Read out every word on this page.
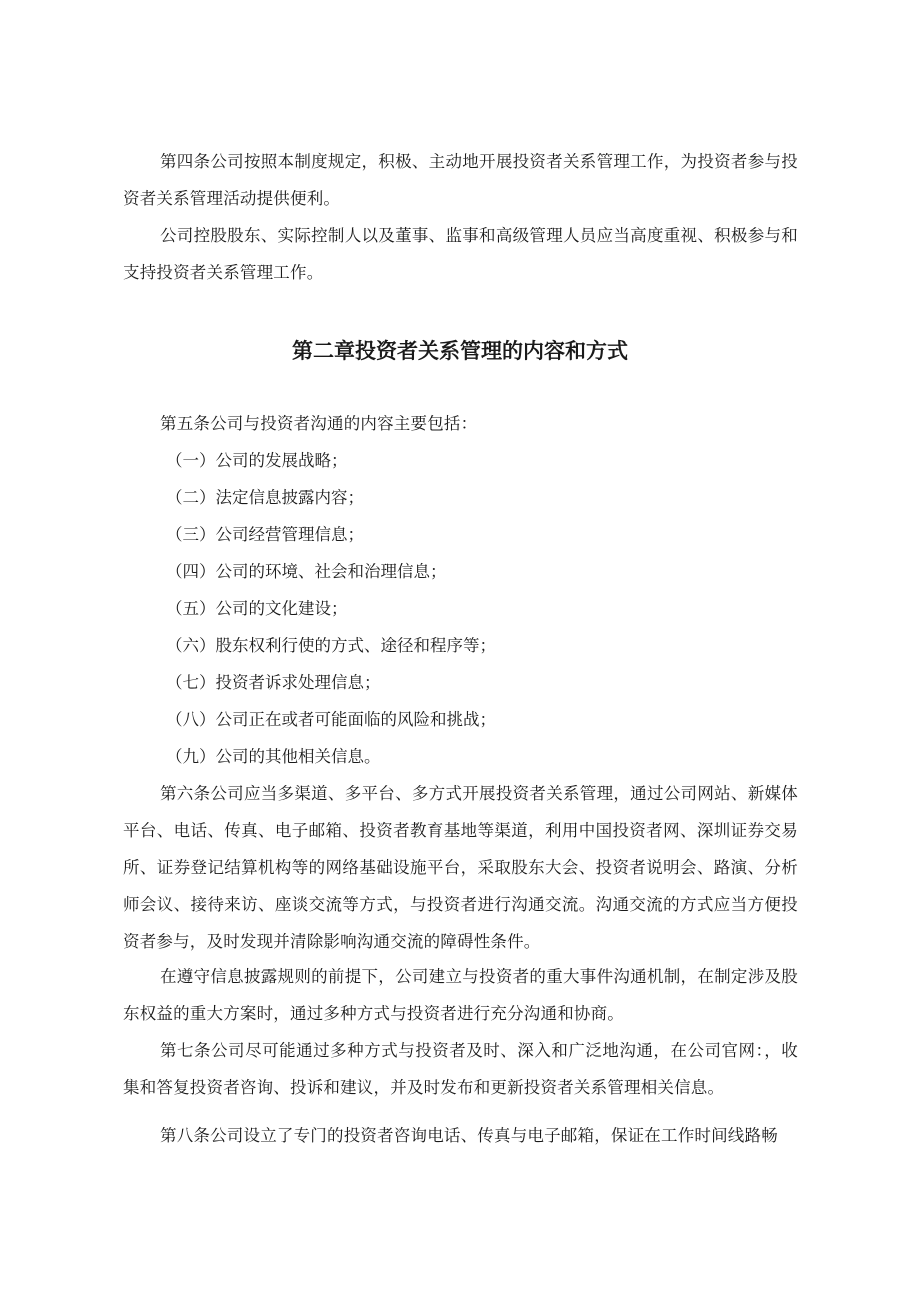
第四条公司按照本制度规定，积极、主动地开展投资者关系管理工作，为投资者参与投资者关系管理活动提供便利。

公司控股股东、实际控制人以及董事、监事和高级管理人员应当高度重视、积极参与和支持投资者关系管理工作。

第二章投资者关系管理的内容和方式

第五条公司与投资者沟通的内容主要包括：

（一）公司的发展战略；

（二）法定信息披露内容；

（三）公司经营管理信息；

（四）公司的环境、社会和治理信息；

（五）公司的文化建设；

（六）股东权利行使的方式、途径和程序等；

（七）投资者诉求处理信息；

（八）公司正在或者可能面临的风险和挑战；

（九）公司的其他相关信息。

第六条公司应当多渠道、多平台、多方式开展投资者关系管理，通过公司网站、新媒体平台、电话、传真、电子邮箱、投资者教育基地等渠道，利用中国投资者网、深圳证券交易所、证券登记结算机构等的网络基础设施平台，采取股东大会、投资者说明会、路演、分析师会议、接待来访、座谈交流等方式，与投资者进行沟通交流。沟通交流的方式应当方便投资者参与，及时发现并清除影响沟通交流的障碍性条件。

在遵守信息披露规则的前提下，公司建立与投资者的重大事件沟通机制，在制定涉及股东权益的重大方案时，通过多种方式与投资者进行充分沟通和协商。

第七条公司尽可能通过多种方式与投资者及时、深入和广泛地沟通，在公司官网：，收集和答复投资者咨询、投诉和建议，并及时发布和更新投资者关系管理相关信息。

第八条公司设立了专门的投资者咨询电话、传真与电子邮箱，保证在工作时间线路畅
